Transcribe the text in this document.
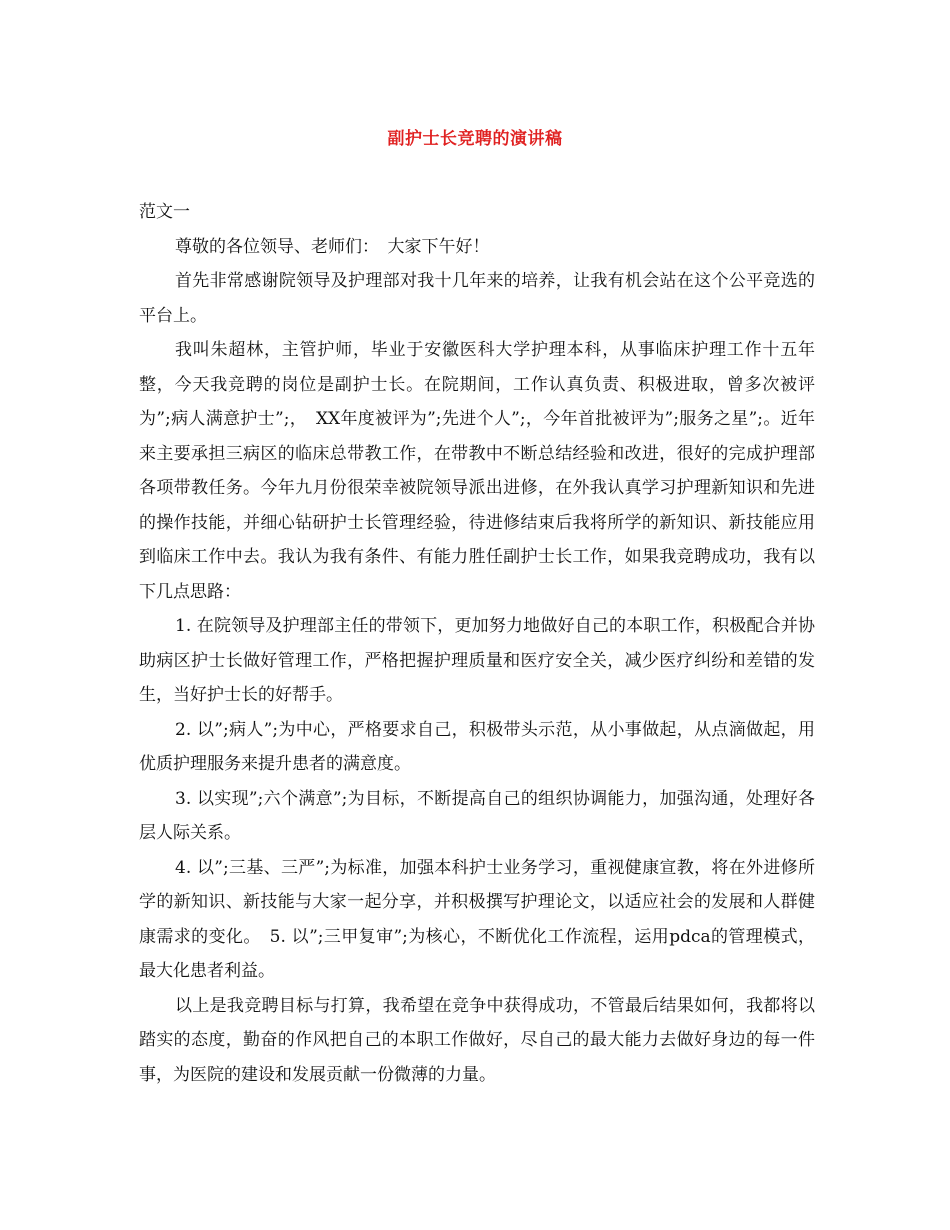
副护士长竞聘的演讲稿

范文一

尊敬的各位领导、老师们：　大家下午好！

首先非常感谢院领导及护理部对我十几年来的培养，让我有机会站在这个公平竞选的平台上。

我叫朱超林，主管护师，毕业于安徽医科大学护理本科，从事临床护理工作十五年整，今天我竞聘的岗位是副护士长。在院期间，工作认真负责、积极进取，曾多次被评为”;病人满意护士”;，　XX年度被评为”;先进个人”;，今年首批被评为”;服务之星”;。近年来主要承担三病区的临床总带教工作，在带教中不断总结经验和改进，很好的完成护理部各项带教任务。今年九月份很荣幸被院领导派出进修，在外我认真学习护理新知识和先进的操作技能，并细心钻研护士长管理经验，待进修结束后我将所学的新知识、新技能应用到临床工作中去。我认为我有条件、有能力胜任副护士长工作，如果我竞聘成功，我有以下几点思路：

1. 在院领导及护理部主任的带领下，更加努力地做好自己的本职工作，积极配合并协助病区护士长做好管理工作，严格把握护理质量和医疗安全关，减少医疗纠纷和差错的发生，当好护士长的好帮手。

2. 以”;病人”;为中心，严格要求自己，积极带头示范，从小事做起，从点滴做起，用优质护理服务来提升患者的满意度。

3. 以实现”;六个满意”;为目标，不断提高自己的组织协调能力，加强沟通，处理好各层人际关系。

4. 以”;三基、三严”;为标准，加强本科护士业务学习，重视健康宣教，将在外进修所学的新知识、新技能与大家一起分享，并积极撰写护理论文，以适应社会的发展和人群健康需求的变化。　5. 以”;三甲复审”;为核心，不断优化工作流程，运用pdca的管理模式，最大化患者利益。

以上是我竞聘目标与打算，我希望在竞争中获得成功，不管最后结果如何，我都将以踏实的态度，勤奋的作风把自己的本职工作做好，尽自己的最大能力去做好身边的每一件事，为医院的建设和发展贡献一份微薄的力量。
